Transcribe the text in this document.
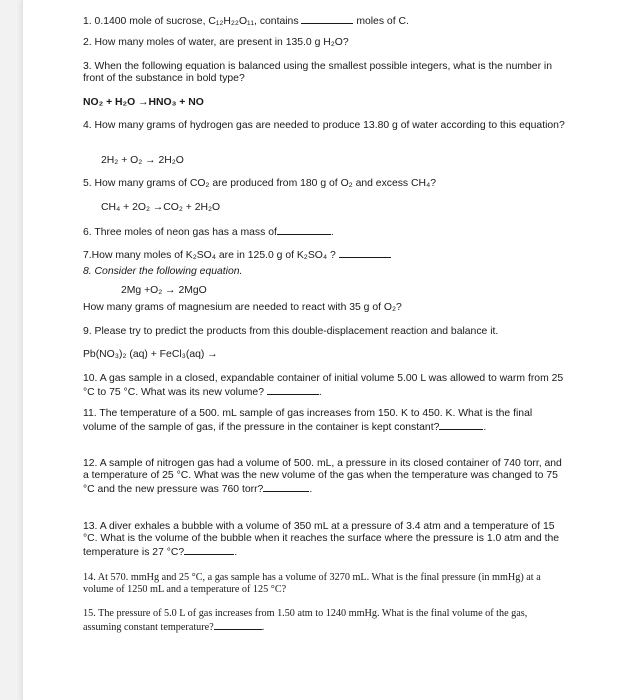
1. 0.1400 mole of sucrose, C₁₂H₂₂O₁₁, contains	moles of C.

2. How many moles of water, are present in 135.0 g H₂O?

3. When the following equation is balanced using the smallest possible integers, what is the number in front of the substance in bold type?

NO₂ + H₂O →HNO₃ + NO

4. How many grams of hydrogen gas are needed to produce 13.80 g of water according to this equation?

2H₂ + O₂ → 2H₂O

5. How many grams of CO₂ are produced from 180 g of O₂ and excess CH₄?

CH₄ + 2O₂ →CO₂ + 2H₂O

6. Three moles of neon gas has a mass of	.

7.How many moles of K₂SO₄ are in 125.0 g of K₂SO₄ ?

8. Consider the following equation.

2Mg +O₂ → 2MgO

How many grams of magnesium are needed to react with 35 g of O₂?

9. Please try to predict the products from this double-displacement reaction and balance it.

Pb(NO₃)₂ (aq) + FeCl₃(aq) →

10. A gas sample in a closed, expandable container of initial volume 5.00 L was allowed to warm from 25 °C to 75 °C. What was its new volume?	.

11. The temperature of a 500. mL sample of gas increases from 150. K to 450. K. What is the final volume of the sample of gas, if the pressure in the container is kept constant?	.

12. A sample of nitrogen gas had a volume of 500. mL, a pressure in its closed container of 740 torr, and a temperature of 25 °C. What was the new volume of the gas when the temperature was changed to 75 °C and the new pressure was 760 torr?	.

13. A diver exhales a bubble with a volume of 350 mL at a pressure of 3.4 atm and a temperature of 15 °C. What is the volume of the bubble when it reaches the surface where the pressure is 1.0 atm and the temperature is 27 °C?	.

14. At 570. mmHg and 25 °C, a gas sample has a volume of 3270 mL. What is the final pressure (in mmHg) at a volume of 1250 mL and a temperature of 125 °C?

15. The pressure of 5.0 L of gas increases from 1.50 atm to 1240 mmHg. What is the final volume of the gas, assuming constant temperature?	.
